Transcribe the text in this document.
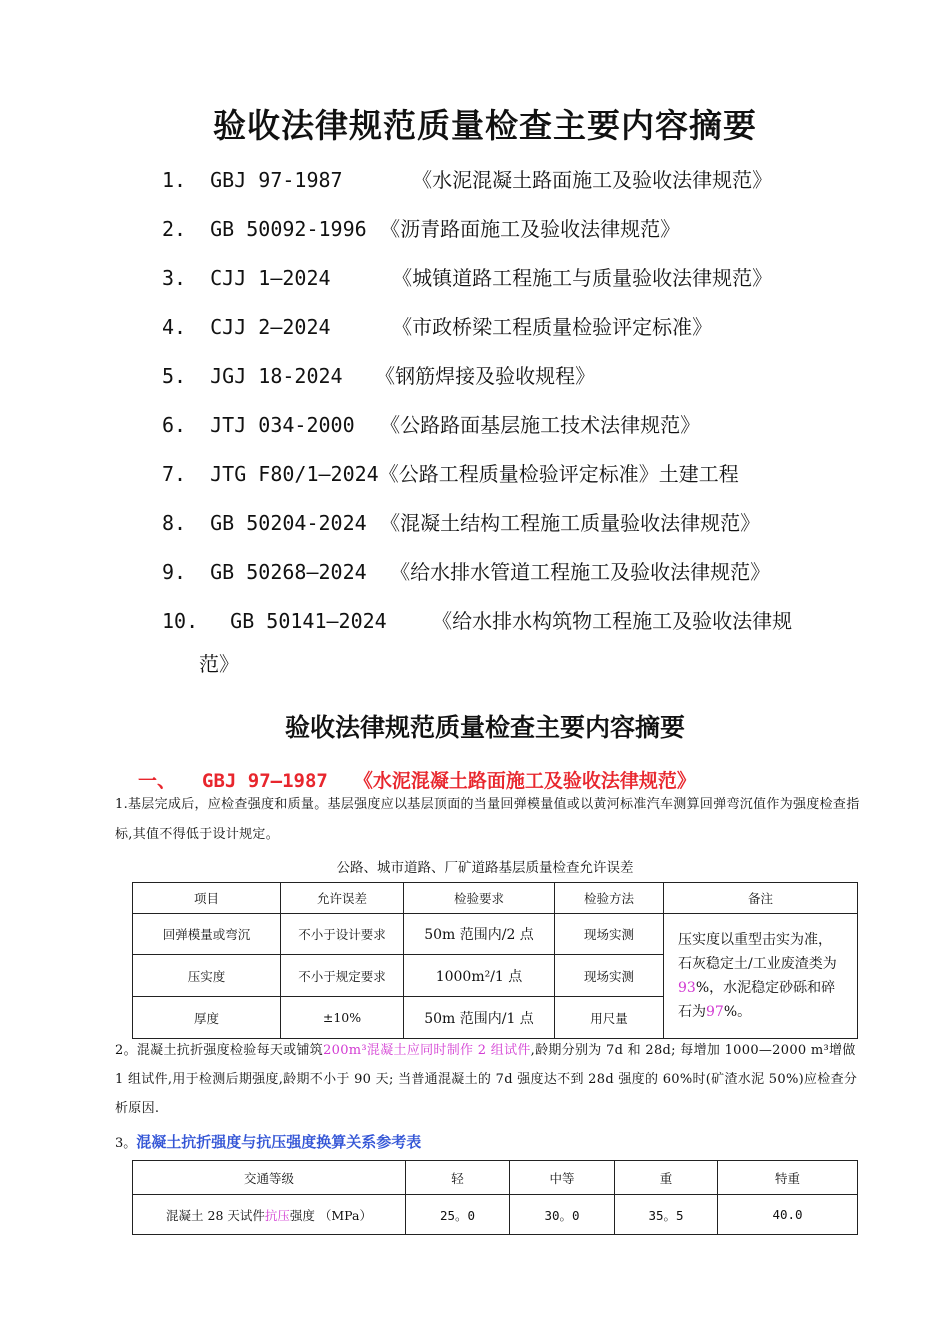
验收法律规范质量检查主要内容摘要
1. GBJ 97-1987	《水泥混凝土路面施工及验收法律规范》
2. GB 50092-1996 《沥青路面施工及验收法律规范》
3. CJJ 1—2024	《城镇道路工程施工与质量验收法律规范》
4. CJJ 2—2024	《市政桥梁工程质量检验评定标准》
5. JGJ 18-2024 《钢筋焊接及验收规程》
6. JTJ 034-2000 《公路路面基层施工技术法律规范》
7. JTG F80/1—2024《公路工程质量检验评定标准》土建工程
8. GB 50204-2024 《混凝土结构工程施工质量验收法律规范》
9. GB 50268—2024 《给水排水管道工程施工及验收法律规范》
10. GB 50141—2024 《给水排水构筑物工程施工及验收法律规
范》
验收法律规范质量检查主要内容摘要
一、 GBJ 97—1987 《水泥混凝土路面施工及验收法律规范》
1.基层完成后，应检查强度和质量。基层强度应以基层顶面的当量回弹模量值或以黄河标准汽车测算回弹弯沉值作为强度检查指标,其值不得低于设计规定。
公路、城市道路、厂矿道路基层质量检查允许误差
项目	允许误差	检验要求	检验方法	备注
回弹模量或弯沉	不小于设计要求	50m 范围内/2 点	现场实测	压实度以重型击实为准，石灰稳定土/工业废渣类为93%，水泥稳定砂砾和碎石为97%。
压实度	不小于规定要求	1000m²/1 点	现场实测	
厚度	±10%	50m 范围内/1 点	用尺量	
2。混凝土抗折强度检验每天或铺筑200m³混凝土应同时制作 2 组试件,龄期分别为 7d 和 28d; 每增加 1000—2000 m³增做 1 组试件,用于检测后期强度,龄期不小于 90 天; 当普通混凝土的 7d 强度达不到 28d 强度的 60%时(矿渣水泥 50%)应检查分析原因.
3。混凝土抗折强度与抗压强度换算关系参考表
交通等级	轻	中等	重	特重
混凝土 28 天试件抗压强度 （MPa）	25。0	30。0	35。5	40.0
